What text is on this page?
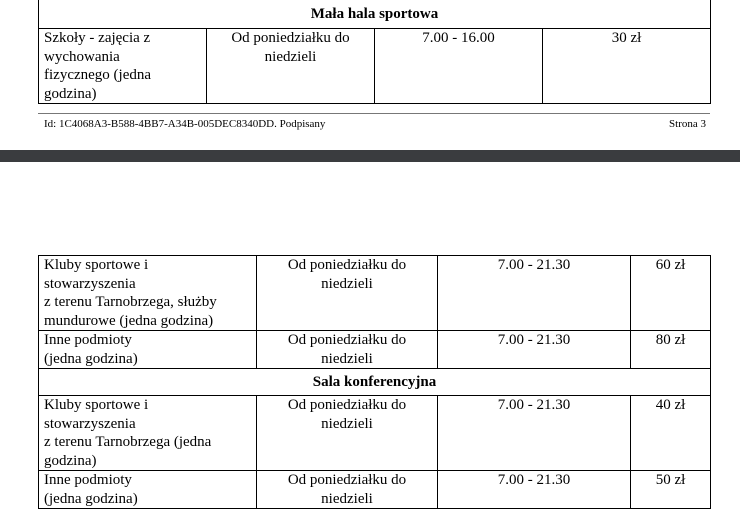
Mała hala sportowa
Szkoły - zajęcia z wychowania
fizycznego (jedna godzina)	Od poniedziałku do
niedzieli	7.00 - 16.00	30 zł
Id: 1C4068A3-B588-4BB7-A34B-005DEC8340DD. Podpisany	Strona 3
Kluby sportowe i
stowarzyszenia
z terenu Tarnobrzega, służby
mundurowe (jedna godzina)	Od poniedziałku do
niedzieli	7.00 - 21.30	60 zł
Inne podmioty
(jedna godzina)	Od poniedziałku do
niedzieli	7.00 - 21.30	80 zł
Sala konferencyjna			
Kluby sportowe i
stowarzyszenia
z terenu Tarnobrzega (jedna
godzina)	Od poniedziałku do
niedzieli	7.00 - 21.30	40 zł
Inne podmioty
(jedna godzina)	Od poniedziałku do
niedzieli	7.00 - 21.30	50 zł
